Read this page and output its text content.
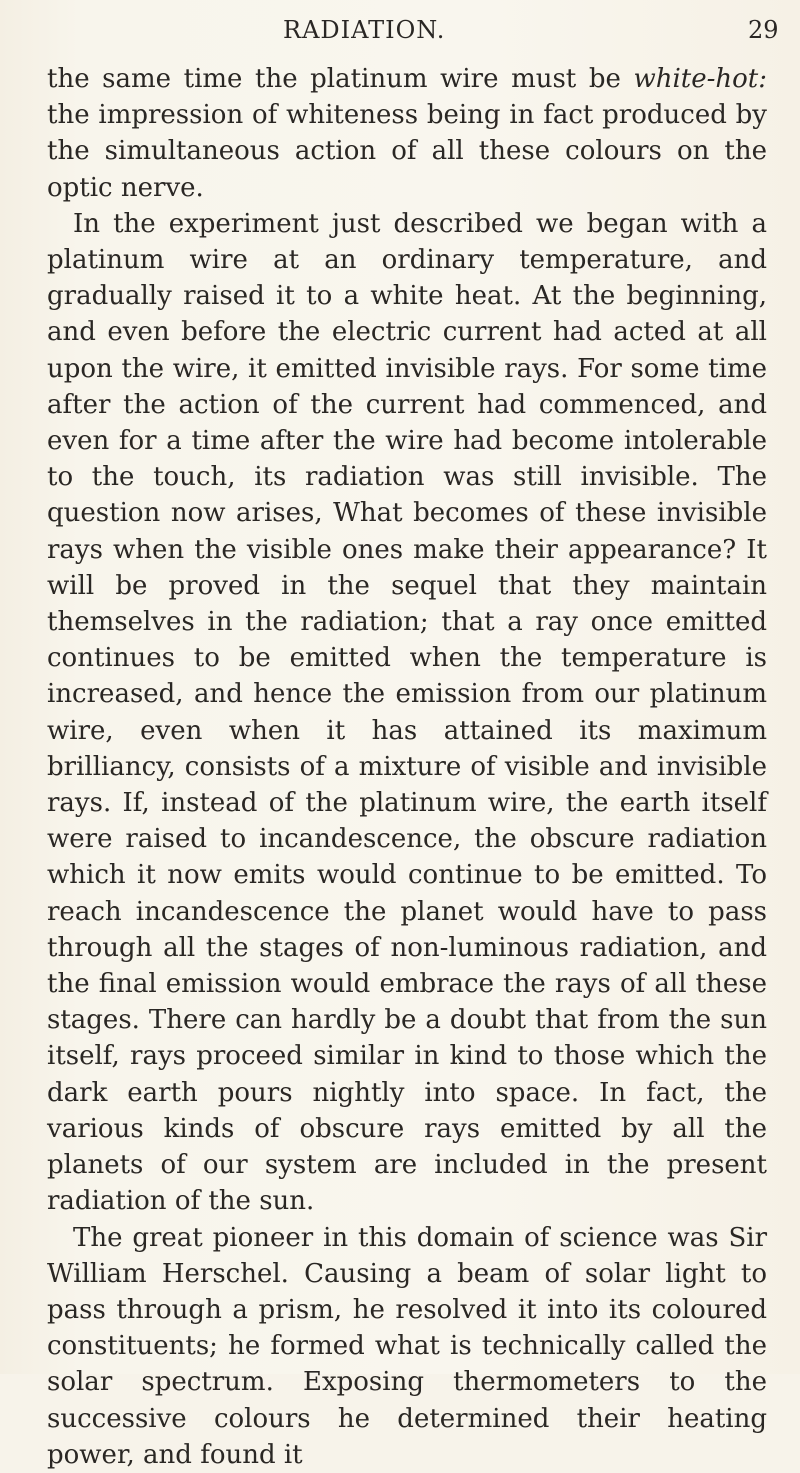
RADIATION.	29

the same time the platinum wire must be white-hot: the impression of whiteness being in fact produced by the simultaneous action of all these colours on the optic nerve.

In the experiment just described we began with a platinum wire at an ordinary temperature, and gradually raised it to a white heat. At the beginning, and even before the electric current had acted at all upon the wire, it emitted invisible rays. For some time after the action of the current had commenced, and even for a time after the wire had become intolerable to the touch, its radiation was still invisible. The question now arises, What becomes of these invisible rays when the visible ones make their appearance? It will be proved in the sequel that they maintain themselves in the radiation; that a ray once emitted continues to be emitted when the temperature is increased, and hence the emission from our platinum wire, even when it has attained its maximum brilliancy, consists of a mixture of visible and invisible rays. If, instead of the platinum wire, the earth itself were raised to incandescence, the obscure radiation which it now emits would continue to be emitted. To reach incandescence the planet would have to pass through all the stages of non-luminous radiation, and the final emission would embrace the rays of all these stages. There can hardly be a doubt that from the sun itself, rays proceed similar in kind to those which the dark earth pours nightly into space. In fact, the various kinds of obscure rays emitted by all the planets of our system are included in the present radiation of the sun.

The great pioneer in this domain of science was Sir William Herschel. Causing a beam of solar light to pass through a prism, he resolved it into its coloured constituents; he formed what is technically called the solar spectrum. Exposing thermometers to the successive colours he determined their heating power, and found it
